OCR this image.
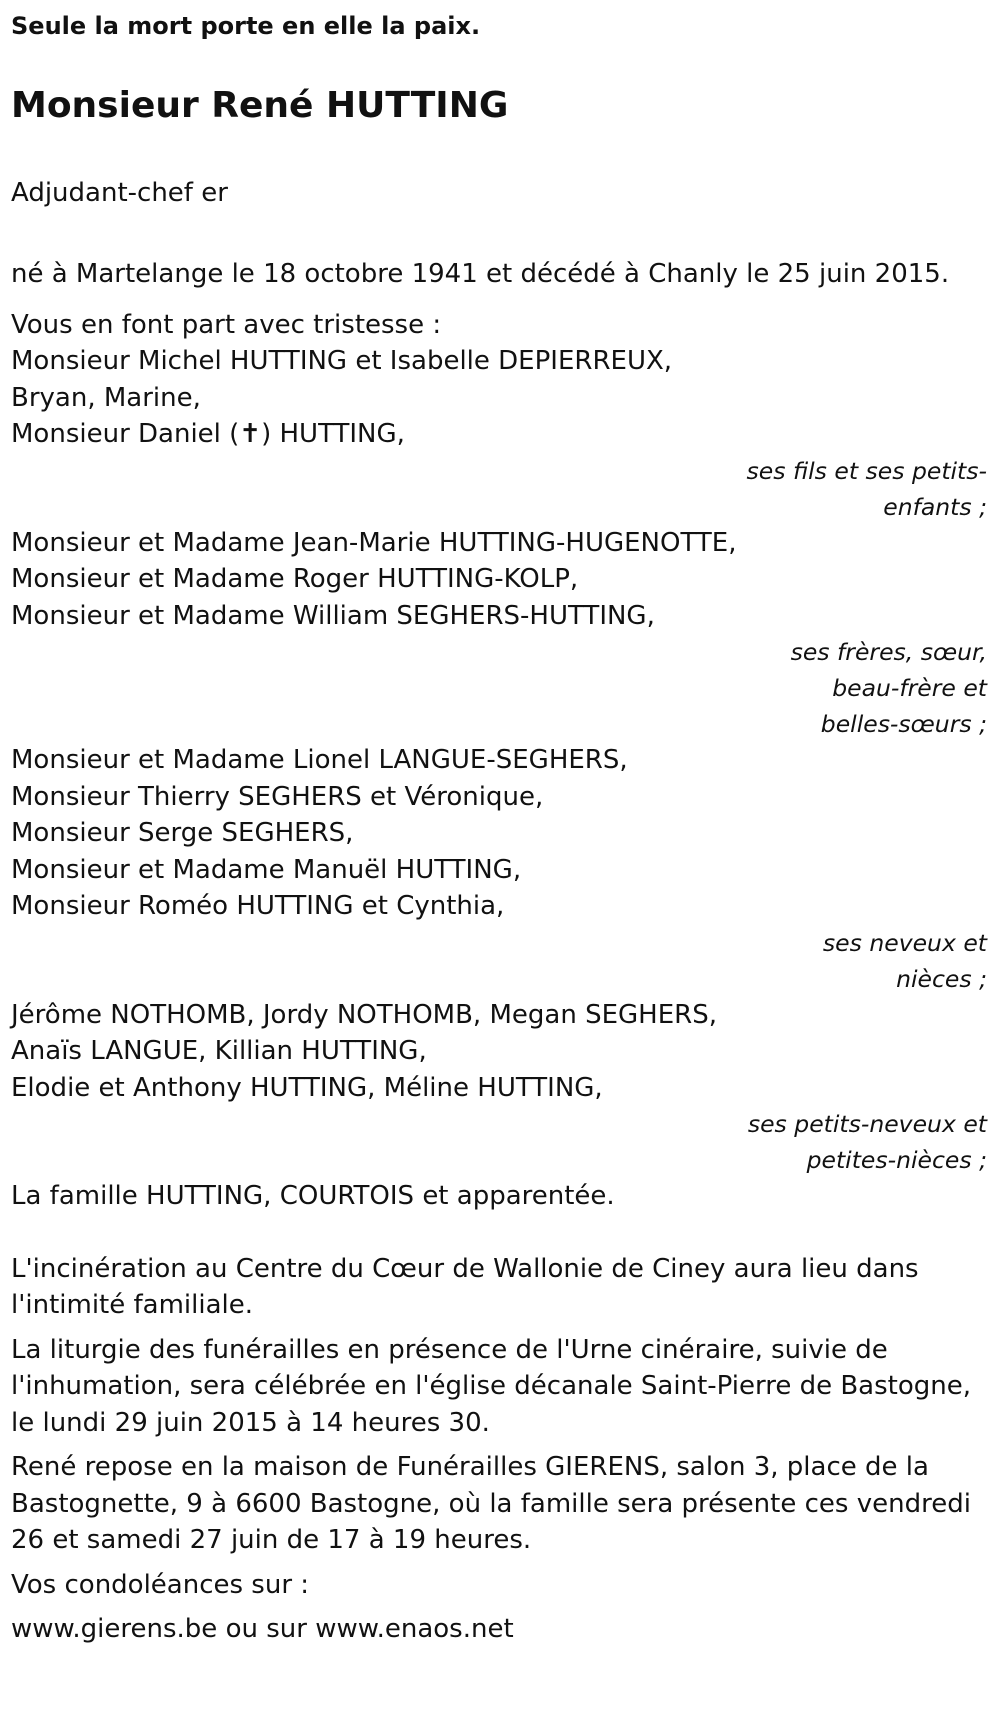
Seule la mort porte en elle la paix.

Monsieur René HUTTING

Adjudant-chef er

né à Martelange le 18 octobre 1941 et décédé à Chanly le 25 juin 2015.

Vous en font part avec tristesse :

Monsieur Michel HUTTING et Isabelle DEPIERREUX,

Bryan, Marine,

Monsieur Daniel (✝) HUTTING,

ses fils et ses petits-
enfants ;

Monsieur et Madame Jean-Marie HUTTING-HUGENOTTE,

Monsieur et Madame Roger HUTTING-KOLP,

Monsieur et Madame William SEGHERS-HUTTING,

ses frères, sœur,
beau-frère et
belles-sœurs ;

Monsieur et Madame Lionel LANGUE-SEGHERS,

Monsieur Thierry SEGHERS et Véronique,

Monsieur Serge SEGHERS,

Monsieur et Madame Manuël HUTTING,

Monsieur Roméo HUTTING et Cynthia,

ses neveux et
nièces ;

Jérôme NOTHOMB, Jordy NOTHOMB, Megan SEGHERS,

Anaïs LANGUE, Killian HUTTING,

Elodie et Anthony HUTTING, Méline HUTTING,

ses petits-neveux et
petites-nièces ;

La famille HUTTING, COURTOIS et apparentée.

L'incinération au Centre du Cœur de Wallonie de Ciney aura lieu dans
l'intimité familiale.

La liturgie des funérailles en présence de l'Urne cinéraire, suivie de
l'inhumation, sera célébrée en l'église décanale Saint-Pierre de Bastogne,
le lundi 29 juin 2015 à 14 heures 30.

René repose en la maison de Funérailles GIERENS, salon 3, place de la
Bastognette, 9 à 6600 Bastogne, où la famille sera présente ces vendredi
26 et samedi 27 juin de 17 à 19 heures.

Vos condoléances sur :

www.gierens.be ou sur www.enaos.net
